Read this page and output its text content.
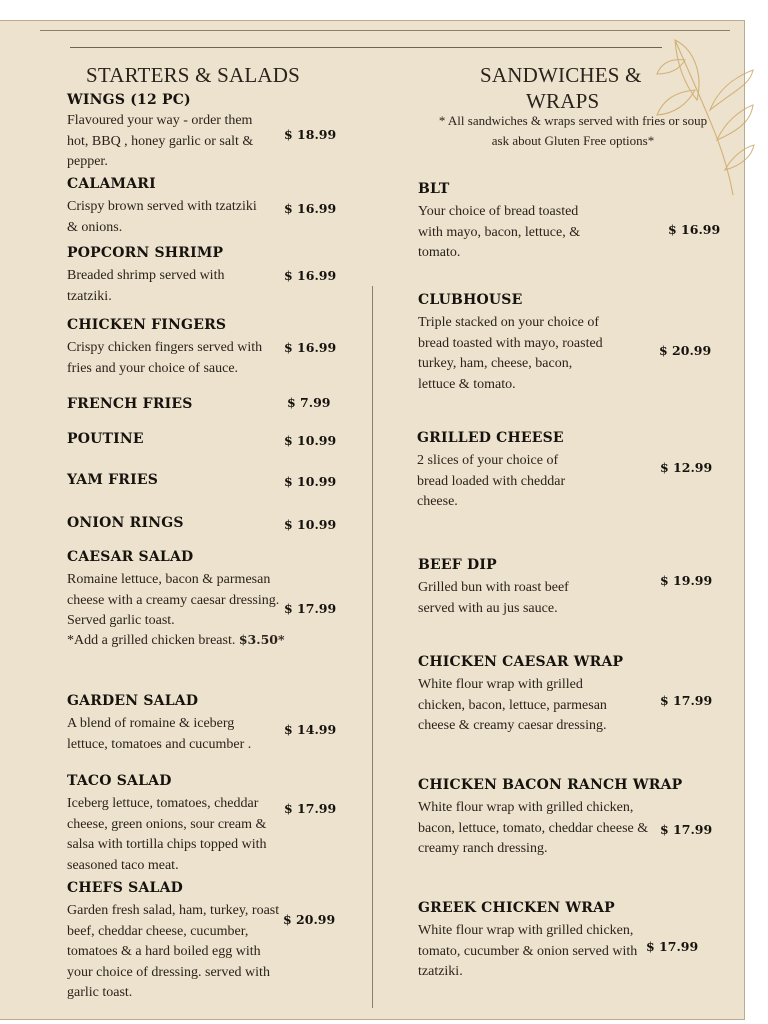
STARTERS & SALADS
WINGS (12 PC)
Flavoured your way - order them hot, BBQ , honey garlic or salt & pepper.
$ 18.99
CALAMARI
Crispy brown served with tzatziki & onions.
$ 16.99
POPCORN SHRIMP
Breaded shrimp served with tzatziki.
$ 16.99
CHICKEN FINGERS
Crispy chicken fingers served with fries and your choice of sauce.
$ 16.99
FRENCH FRIES	$ 7.99
POUTINE	$ 10.99
YAM FRIES	$ 10.99
ONION RINGS	$ 10.99
CAESAR SALAD
Romaine lettuce, bacon & parmesan cheese with a creamy caesar dressing. Served garlic toast.
$ 17.99
*Add a grilled chicken breast. $3.50*
GARDEN SALAD
A blend of romaine & iceberg lettuce, tomatoes and cucumber .
$ 14.99
TACO SALAD
Iceberg lettuce, tomatoes, cheddar cheese, green onions, sour cream & salsa with tortilla chips topped with seasoned taco meat.
$ 17.99
CHEFS SALAD
Garden fresh salad, ham, turkey, roast beef, cheddar cheese, cucumber, tomatoes & a hard boiled egg with your choice of dressing. served with garlic toast.
$ 20.99
SANDWICHES &
WRAPS
* All sandwiches & wraps served with fries or soup
ask about Gluten Free options*
BLT
Your choice of bread toasted with mayo, bacon, lettuce, & tomato.
$ 16.99
CLUBHOUSE
Triple stacked on your choice of bread toasted with mayo, roasted turkey, ham, cheese, bacon, lettuce & tomato.
$ 20.99
GRILLED CHEESE
2 slices of your choice of bread loaded with cheddar cheese.
$ 12.99
BEEF DIP
Grilled bun with roast beef served with au jus sauce.
$ 19.99
CHICKEN CAESAR WRAP
White flour wrap with grilled chicken, bacon, lettuce, parmesan cheese & creamy caesar dressing.
$ 17.99
CHICKEN BACON RANCH WRAP
White flour wrap with grilled chicken, bacon, lettuce, tomato, cheddar cheese & creamy ranch dressing.
$ 17.99
GREEK CHICKEN WRAP
White flour wrap with grilled chicken, tomato, cucumber & onion served with tzatziki.
$ 17.99
